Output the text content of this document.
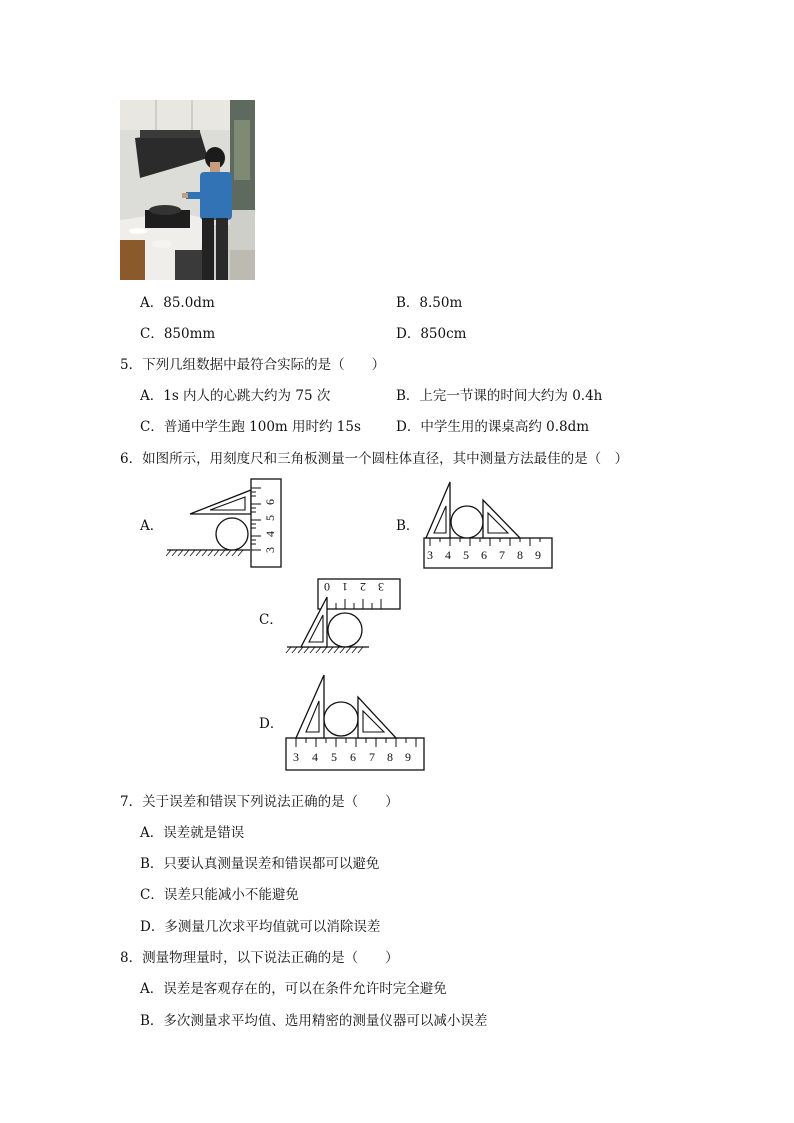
A．85.0dm	B．8.50m
C．850mm	D．850cm
5．下列几组数据中最符合实际的是（　　）
A．1s 内人的心跳大约为 75 次	B．上完一节课的时间大约为 0.4h
C．普通中学生跑 100m 用时约 15s	D．中学生用的课桌高约 0.8dm
6．如图所示，用刻度尺和三角板测量一个圆柱体直径，其中测量方法最佳的是（　）
A．
3
4
5
6
B．
3 4 5 6 7 8 9
C．
0 1 2 3
D．
3 4 5 6 7 8 9
7．关于误差和错误下列说法正确的是（　　）
A．误差就是错误
B．只要认真测量误差和错误都可以避免
C．误差只能减小不能避免
D．多测量几次求平均值就可以消除误差
8．测量物理量时，以下说法正确的是（　　）
A．误差是客观存在的，可以在条件允许时完全避免
B．多次测量求平均值、选用精密的测量仪器可以减小误差
